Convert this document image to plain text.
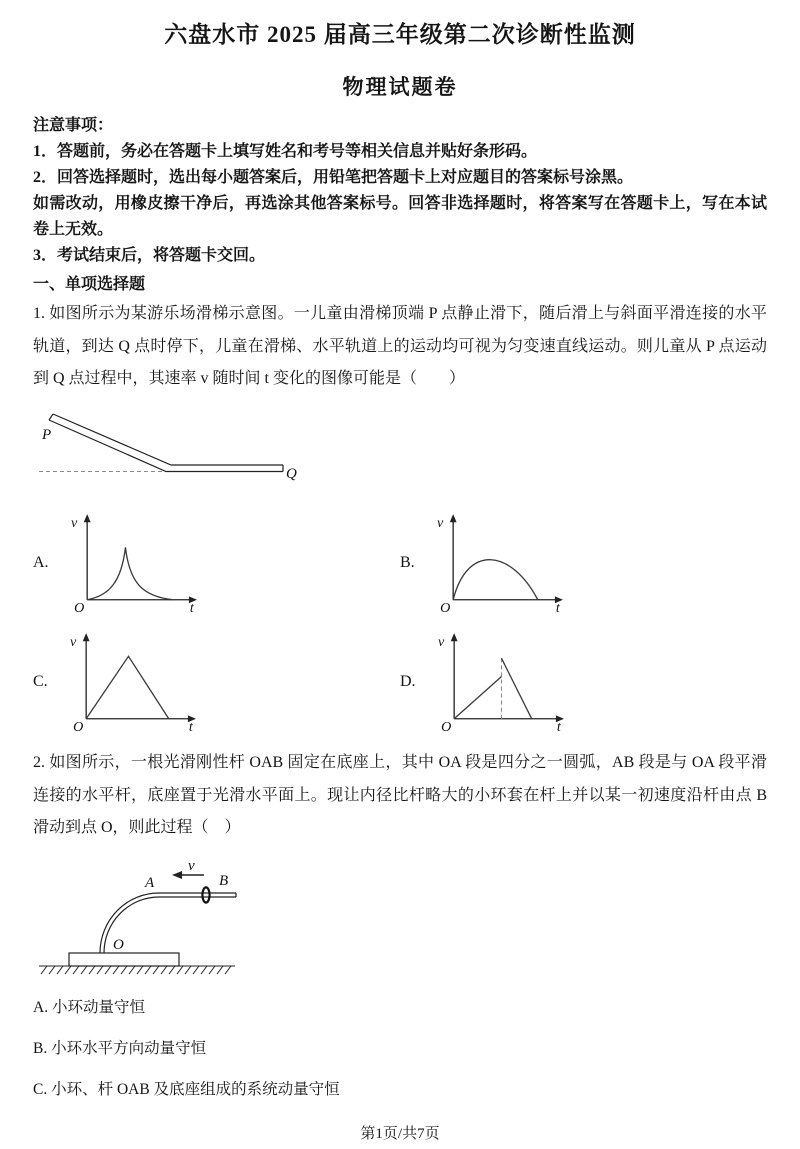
六盘水市 2025 届高三年级第二次诊断性监测
物理试题卷

注意事项：

1．答题前，务必在答题卡上填写姓名和考号等相关信息并贴好条形码。

2．回答选择题时，选出每小题答案后，用铅笔把答题卡上对应题目的答案标号涂黑。

如需改动，用橡皮擦干净后，再选涂其他答案标号。回答非选择题时，将答案写在答题卡上，写在本试卷上无效。

3．考试结束后，将答题卡交回。

一、单项选择题

1. 如图所示为某游乐场滑梯示意图。一儿童由滑梯顶端 P 点静止滑下，随后滑上与斜面平滑连接的水平轨道，到达 Q 点时停下，儿童在滑梯、水平轨道上的运动均可视为匀变速直线运动。则儿童从 P 点运动到 Q 点过程中，其速率 v 随时间 t 变化的图像可能是（　　）

P
Q
A.
v
O	t
B.
v
O	t
C.
v
O	t
D.
v
O	t

2. 如图所示，一根光滑刚性杆 OAB 固定在底座上，其中 OA 段是四分之一圆弧，AB 段是与 OA 段平滑连接的水平杆，底座置于光滑水平面上。现让内径比杆略大的小环套在杆上并以某一初速度沿杆由点 B 滑动到点 O，则此过程（　）

v
A	B
O

A. 小环动量守恒

B. 小环水平方向动量守恒

C. 小环、杆 OAB 及底座组成的系统动量守恒

第1页/共7页
